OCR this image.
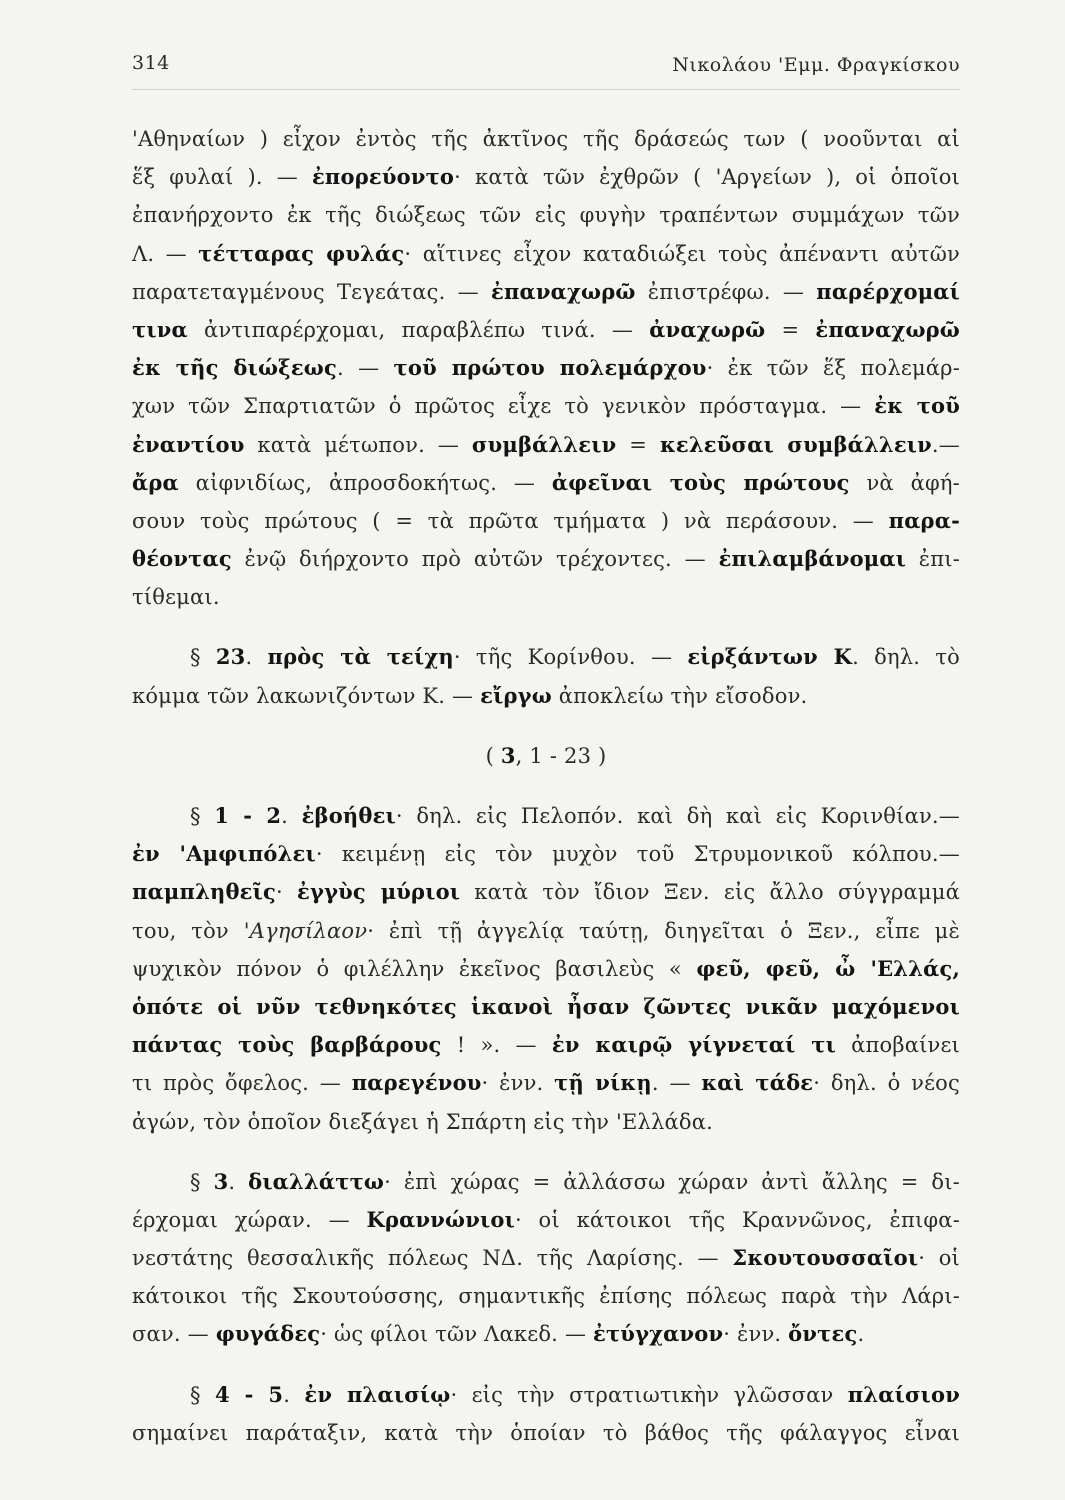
314	Νικολάου 'Εμμ. Φραγκίσκου
'Αθηναίων ) εἶχον ἐντὸς τῆς ἀκτῖνος τῆς δράσεώς των ( νοοῦνται αἱ
ἕξ φυλαί ). — ἐπορεύοντο· κατὰ τῶν ἐχθρῶν ( 'Αργείων ), οἱ ὁποῖοι
ἐπανήρχοντο ἐκ τῆς διώξεως τῶν εἰς φυγὴν τραπέντων συμμάχων τῶν
Λ. — τέτταρας φυλάς· αἵτινες εἶχον καταδιώξει τοὺς ἀπέναντι αὐτῶν
παρατεταγμένους Τεγεάτας. — ἐπαναχωρῶ ἐπιστρέφω. — παρέρχομαί
τινα ἀντιπαρέρχομαι, παραβλέπω τινά. — ἀναχωρῶ = ἐπαναχωρῶ
ἐκ τῆς διώξεως. — τοῦ πρώτου πολεμάρχου· ἐκ τῶν ἕξ πολεμάρ-
χων τῶν Σπαρτιατῶν ὁ πρῶτος εἶχε τὸ γενικὸν πρόσταγμα. — ἐκ τοῦ
ἐναντίου κατὰ μέτωπον. — συμβάλλειν = κελεῦσαι συμβάλλειν.—
ἄρα αἰφνιδίως, ἀπροσδοκήτως. — ἀφεῖναι τοὺς πρώτους νὰ ἀφή-
σουν τοὺς πρώτους ( = τὰ πρῶτα τμήματα ) νὰ περάσουν. — παρα-
θέοντας ἐνῷ διήρχοντο πρὸ αὐτῶν τρέχοντες. — ἐπιλαμβάνομαι ἐπι-
τίθεμαι.
§ 23. πρὸς τὰ τείχη· τῆς Κορίνθου. — εἰρξάντων Κ. δηλ. τὸ
κόμμα τῶν λακωνιζόντων Κ. — εἴργω ἀποκλείω τὴν εἴσοδον.
( 3, 1 - 23 )
§ 1 - 2. ἐβοήθει· δηλ. εἰς Πελοπόν. καὶ δὴ καὶ εἰς Κορινθίαν.—
ἐν 'Αμφιπόλει· κειμένῃ εἰς τὸν μυχὸν τοῦ Στρυμονικοῦ κόλπου.—
παμπληθεῖς· ἐγγὺς μύριοι κατὰ τὸν ἴδιον Ξεν. εἰς ἄλλο σύγγραμμά
του, τὸν 'Αγησίλαον· ἐπὶ τῇ ἀγγελίᾳ ταύτῃ, διηγεῖται ὁ Ξεν., εἶπε μὲ
ψυχικὸν πόνον ὁ φιλέλλην ἐκεῖνος βασιλεὺς « φεῦ, φεῦ, ὦ 'Ελλάς,
ὁπότε οἱ νῦν τεθνηκότες ἱκανοὶ ἦσαν ζῶντες νικᾶν μαχόμενοι
πάντας τοὺς βαρβάρους ! ». — ἐν καιρῷ γίγνεταί τι ἀποβαίνει
τι πρὸς ὄφελος. — παρεγένου· ἐνν. τῇ νίκῃ. — καὶ τάδε· δηλ. ὁ νέος
ἀγών, τὸν ὁποῖον διεξάγει ἡ Σπάρτη εἰς τὴν 'Ελλάδα.
§ 3. διαλλάττω· ἐπὶ χώρας = ἀλλάσσω χώραν ἀντὶ ἄλλης = δι-
έρχομαι χώραν. — Κραννώνιοι· οἱ κάτοικοι τῆς Κραννῶνος, ἐπιφα-
νεστάτης θεσσαλικῆς πόλεως ΝΔ. τῆς Λαρίσης. — Σκουτουσσαῖοι· οἱ
κάτοικοι τῆς Σκουτούσσης, σημαντικῆς ἐπίσης πόλεως παρὰ τὴν Λάρι-
σαν. — φυγάδες· ὡς φίλοι τῶν Λακεδ. — ἐτύγχανον· ἐνν. ὄντες.
§ 4 - 5. ἐν πλαισίῳ· εἰς τὴν στρατιωτικὴν γλῶσσαν πλαίσιον
σημαίνει παράταξιν, κατὰ τὴν ὁποίαν τὸ βάθος τῆς φάλαγγος εἶναι
